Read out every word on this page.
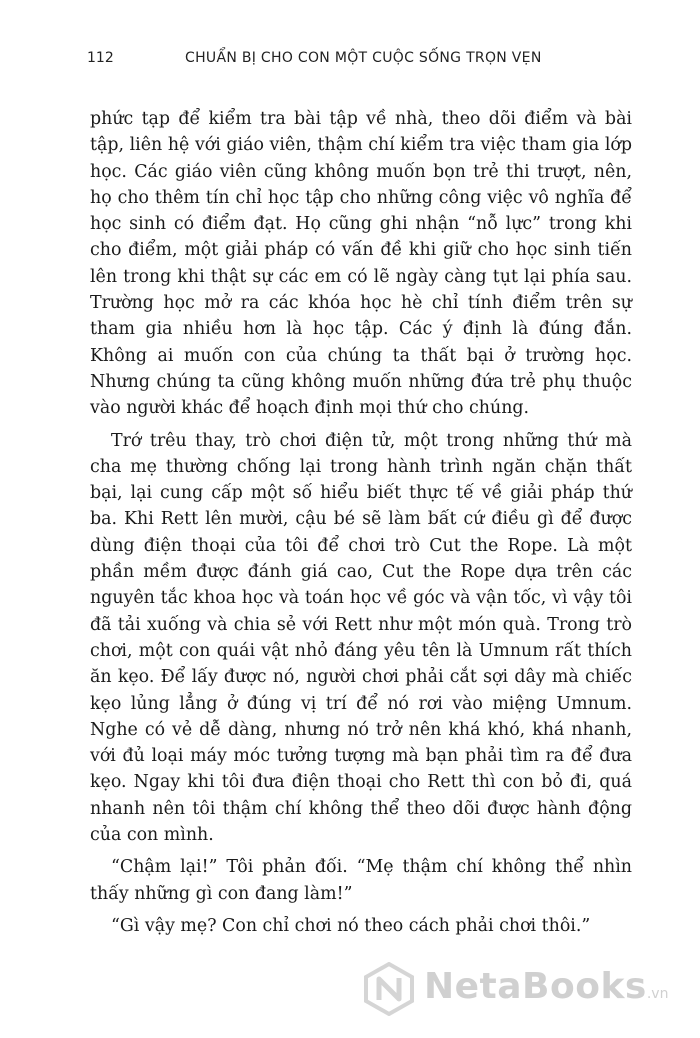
112	CHUẨN BỊ CHO CON MỘT CUỘC SỐNG TRỌN VẸN

phức tạp để kiểm tra bài tập về nhà, theo dõi điểm và bài tập, liên hệ với giáo viên, thậm chí kiểm tra việc tham gia lớp học. Các giáo viên cũng không muốn bọn trẻ thi trượt, nên, họ cho thêm tín chỉ học tập cho những công việc vô nghĩa để học sinh có điểm đạt. Họ cũng ghi nhận “nỗ lực” trong khi cho điểm, một giải pháp có vấn đề khi giữ cho học sinh tiến lên trong khi thật sự các em có lẽ ngày càng tụt lại phía sau. Trường học mở ra các khóa học hè chỉ tính điểm trên sự tham gia nhiều hơn là học tập. Các ý định là đúng đắn. Không ai muốn con của chúng ta thất bại ở trường học. Nhưng chúng ta cũng không muốn những đứa trẻ phụ thuộc vào người khác để hoạch định mọi thứ cho chúng.

Trớ trêu thay, trò chơi điện tử, một trong những thứ mà cha mẹ thường chống lại trong hành trình ngăn chặn thất bại, lại cung cấp một số hiểu biết thực tế về giải pháp thứ ba. Khi Rett lên mười, cậu bé sẽ làm bất cứ điều gì để được dùng điện thoại của tôi để chơi trò Cut the Rope. Là một phần mềm được đánh giá cao, Cut the Rope dựa trên các nguyên tắc khoa học và toán học về góc và vận tốc, vì vậy tôi đã tải xuống và chia sẻ với Rett như một món quà. Trong trò chơi, một con quái vật nhỏ đáng yêu tên là Umnum rất thích ăn kẹo. Để lấy được nó, người chơi phải cắt sợi dây mà chiếc kẹo lủng lẳng ở đúng vị trí để nó rơi vào miệng Umnum. Nghe có vẻ dễ dàng, nhưng nó trở nên khá khó, khá nhanh, với đủ loại máy móc tưởng tượng mà bạn phải tìm ra để đưa kẹo. Ngay khi tôi đưa điện thoại cho Rett thì con bỏ đi, quá nhanh nên tôi thậm chí không thể theo dõi được hành động của con mình.

“Chậm lại!” Tôi phản đối. “Mẹ thậm chí không thể nhìn thấy những gì con đang làm!”

“Gì vậy mẹ? Con chỉ chơi nó theo cách phải chơi thôi.”

NetaBooks.vn
